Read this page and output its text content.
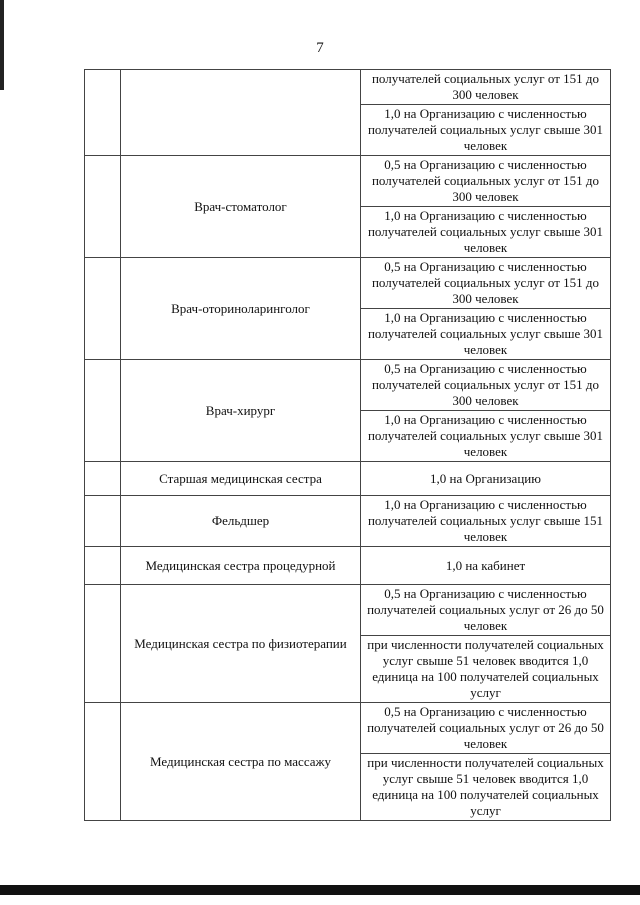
7
		получателей социальных услуг от 151 до 300 человек
		1,0 на Организацию с численностью получателей социальных услуг свыше 301 человек
	Врач-стоматолог	0,5 на Организацию с численностью получателей социальных услуг от 151 до 300 человек
		1,0 на Организацию с численностью получателей социальных услуг свыше 301 человек
	Врач-оториноларинголог	0,5 на Организацию с численностью получателей социальных услуг от 151 до 300 человек
		1,0 на Организацию с численностью получателей социальных услуг свыше 301 человек
	Врач-хирург	0,5 на Организацию с численностью получателей социальных услуг от 151 до 300 человек
		1,0 на Организацию с численностью получателей социальных услуг свыше 301 человек
	Старшая медицинская сестра	1,0 на Организацию
	Фельдшер	1,0 на Организацию с численностью получателей социальных услуг свыше 151 человек
	Медицинская сестра процедурной	1,0 на кабинет
	Медицинская сестра по физиотерапии	0,5 на Организацию с численностью получателей социальных услуг от 26 до 50 человек
		при численности получателей социальных услуг свыше 51 человек вводится 1,0 единица на 100 получателей социальных услуг
	Медицинская сестра по массажу	0,5 на Организацию с численностью получателей социальных услуг от 26 до 50 человек
		при численности получателей социальных услуг свыше 51 человек вводится 1,0 единица на 100 получателей социальных услуг
